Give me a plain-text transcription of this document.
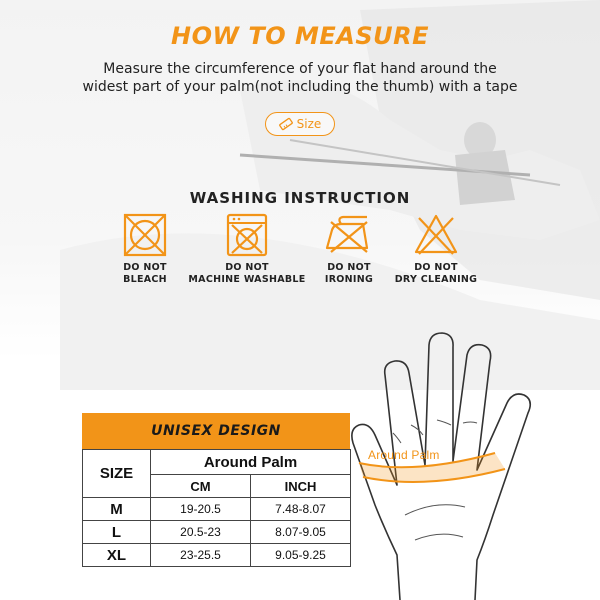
HOW TO MEASURE
Measure the circumference of your flat hand around the
widest part of your palm(not including the thumb) with a tape
Size
WASHING INSTRUCTION
DO NOT
BLEACH
DO NOT
MACHINE WASHABLE
DO NOT
IRONING
DO NOT
DRY CLEANING
UNISEX DESIGN
SIZE	Around Palm	
	CM	INCH
M	19-20.5	7.48-8.07
L	20.5-23	8.07-9.05
XL	23-25.5	9.05-9.25
Around Palm
